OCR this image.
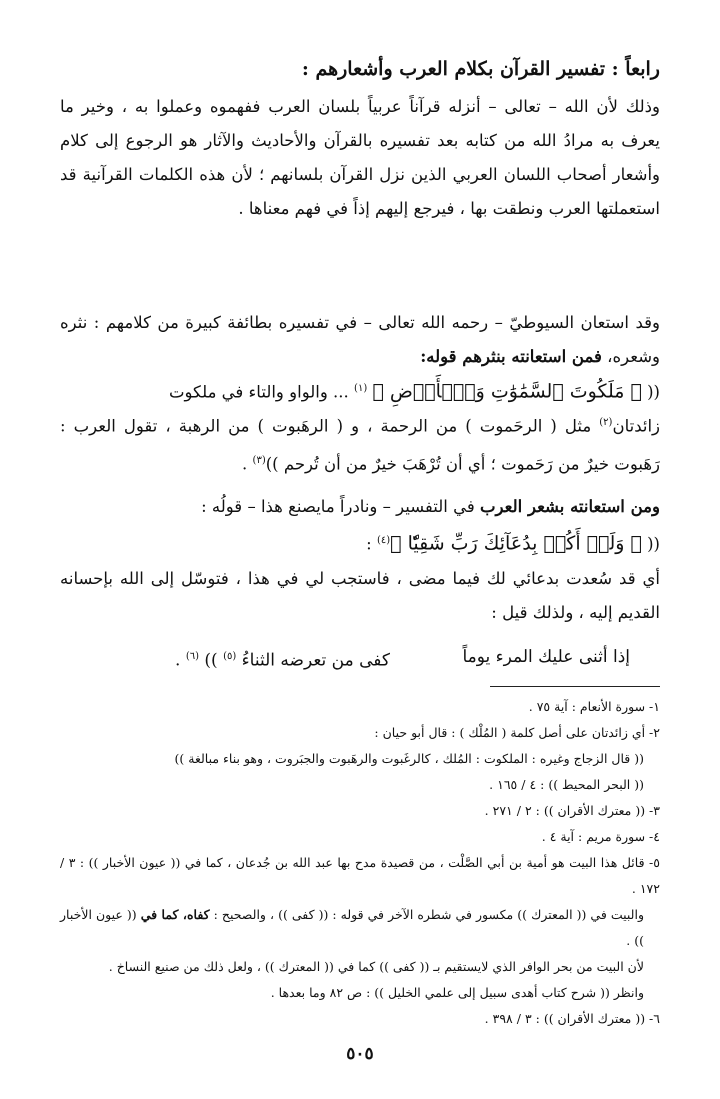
رابعاً : تفسير القرآن بكلام العرب وأشعارهم :

وذلك لأن الله – تعالى – أنزله قرآناً عربياً بلسان العرب ففهموه وعملوا به ، وخير ما يعرف به مرادُ الله من كتابه بعد تفسيره بالقرآن والأحاديث والآثار هو الرجوع إلى كلام وأشعار أصحاب اللسان العربي الذين نزل القرآن بلسانهم ؛ لأن هذه الكلمات القرآنية قد استعملتها العرب ونطقت بها ، فيرجع إليهم إذاً في فهم معناها .

وقد استعان السيوطيّ – رحمه الله تعالى – في تفسيره بطائفة كبيرة من كلامهم : نثره وشعره، فمن استعانته بنثرهم قوله:

(( ﴿ مَلَكُوتَ ٱلسَّمَٰوَٰتِ وَٱلۡأَرۡضِ ﴾ $^{(١)}$ ... والواو والتاء في ملكوت

زائدتان$^{(٢)}$ مثل ( الرحَموت ) من الرحمة ، و ( الرهَبوت ) من الرهبة ، تقول العرب : رَهَبوت خيرٌ من رَحَموت ؛ أي أن تُرْهَبَ خيرٌ من أن تُرحم ))$^{(٣)}$ .

ومن استعانته بشعر العرب في التفسير – ونادراً مايصنع هذا – قولُه :

(( ﴿ وَلَمۡ أَكُنۢ بِدُعَآئِكَ رَبِّ شَقِيّٗا ﴾$^{(٤)}$ :

أي قد سُعدت بدعائي لك فيما مضى ، فاستجب لي في هذا ، فتوسّل إلى الله بإحسانه القديم إليه ، ولذلك قيل :

إذا أثنى عليك المرء يوماً
كفى من تعرضه الثناءُ $^{(٥)}$ )) $^{(٦)}$ .
١- سورة الأنعام : آية ٧٥ .
٢- أي زائدتان على أصل كلمة ( المُلْك ) : قال أبو حيان :
(( قال الزجاج وغيره : الملكوت : المُلك ، كالرغَبوت والرهَبوت والجبَروت ، وهو بناء مبالغة ))
(( البحر المحيط )) : ٤ / ١٦٥ .
٣- (( معترك الأقران )) : ٢ / ٢٧١ .
٤- سورة مريم : آية ٤ .
٥- قائل هذا البيت هو أمية بن أبي الصَّلْت ، من قصيدة مدح بها عبد الله بن جُدعان ، كما في (( عيون الأخبار )) : ٣ / ١٧٢ .
والبيت في (( المعترك )) مكسور في شطره الآخر في قوله : (( كفى )) ، والصحيح : كفاه، كما في (( عيون الأخبار )) .
لأن البيت من بحر الوافر الذي لايستقيم بـ (( كفى )) كما في (( المعترك )) ، ولعل ذلك من صنيع النساخ .
وانظر (( شرح كتاب أهدى سبيل إلى علمي الخليل )) : ص ٨٢ وما بعدها .
٦- (( معترك الأقران )) : ٣ / ٣٩٨ .
٥٠٥
